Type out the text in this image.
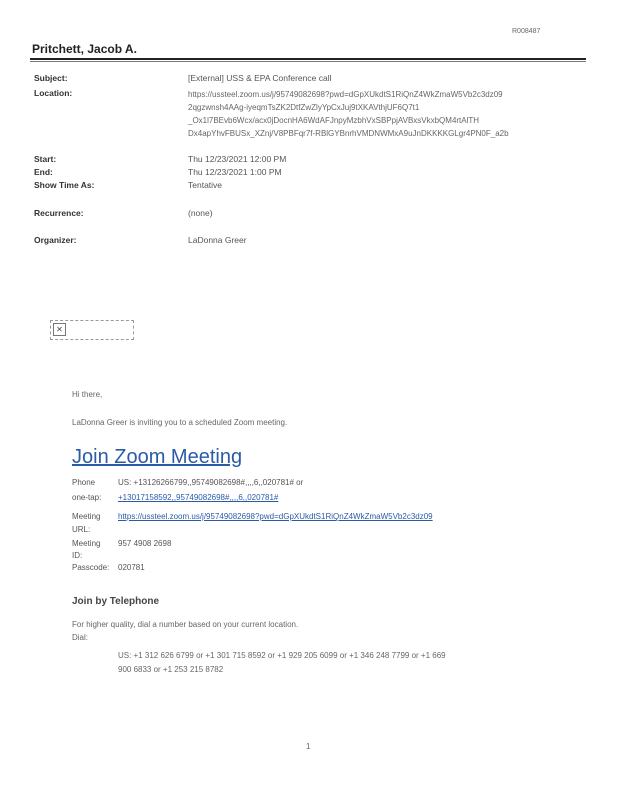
R008487
Pritchett, Jacob A.
Subject:	[External] USS & EPA Conference call
Location:	https://ussteel.zoom.us/j/95749082698?pwd=dGpXUkdtS1RiQnZ4WkZmaW5Vb2c3dz09
2qgzwnsh4AAg-iyeqmTsZK2DtfZwZlyYpCxJuj9tXKAVthjUF6Q7t1
_Ox1l7BEvb6Wcx/acx0jDocnHA6WdAFJnpyMzbhVxSBPpjAVBxsVkxbQM4rtAlTH
Dx4apYhvFBUSx_XZnj/V8PBFqr7f-RBlGYBnrhVMDNWMxA9uJnDKKKKGLgr4PN0F_a2b
Start:	Thu 12/23/2021 12:00 PM
End:	Thu 12/23/2021 1:00 PM
Show Time As:	Tentative
Recurrence:	(none)
Organizer:	LaDonna Greer
✕
Hi there,
LaDonna Greer is inviting you to a scheduled Zoom meeting.
Join Zoom Meeting
Phone	US: +13126266799,,95749082698#,,,,6,,020781# or
one-tap: +13017158592,,95749082698#,,,,6,,020781#
Meeting https://ussteel.zoom.us/j/95749082698?pwd=dGpXUkdtS1RiQnZ4WkZmaW5Vb2c3dz09
URL:
Meeting 957 4908 2698
ID:
Passcode: 020781
Join by Telephone
For higher quality, dial a number based on your current location.
Dial:
US: +1 312 626 6799 or +1 301 715 8592 or +1 929 205 6099 or +1 346 248 7799 or +1 669
900 6833 or +1 253 215 8782
1
